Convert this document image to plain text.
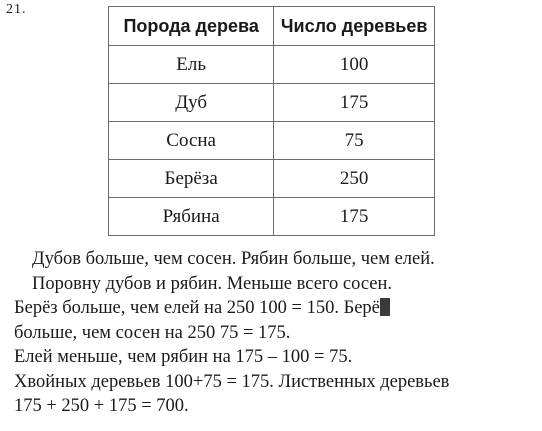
21.
Порода дерева	Число деревьев
Ель	100
Дуб	175
Сосна	75
Берёза	250
Рябина	175
Дубов больше, чем сосен. Рябин больше, чем елей.
Поровну дубов и рябин. Меньше всего сосен.
Берёз больше, чем елей на 250 100 = 150. Берё
больше, чем сосен на 250 75 = 175.
Елей меньше, чем рябин на 175 – 100 = 75.
Хвойных деревьев 100+75 = 175. Лиственных деревьев
175 + 250 + 175 = 700.
